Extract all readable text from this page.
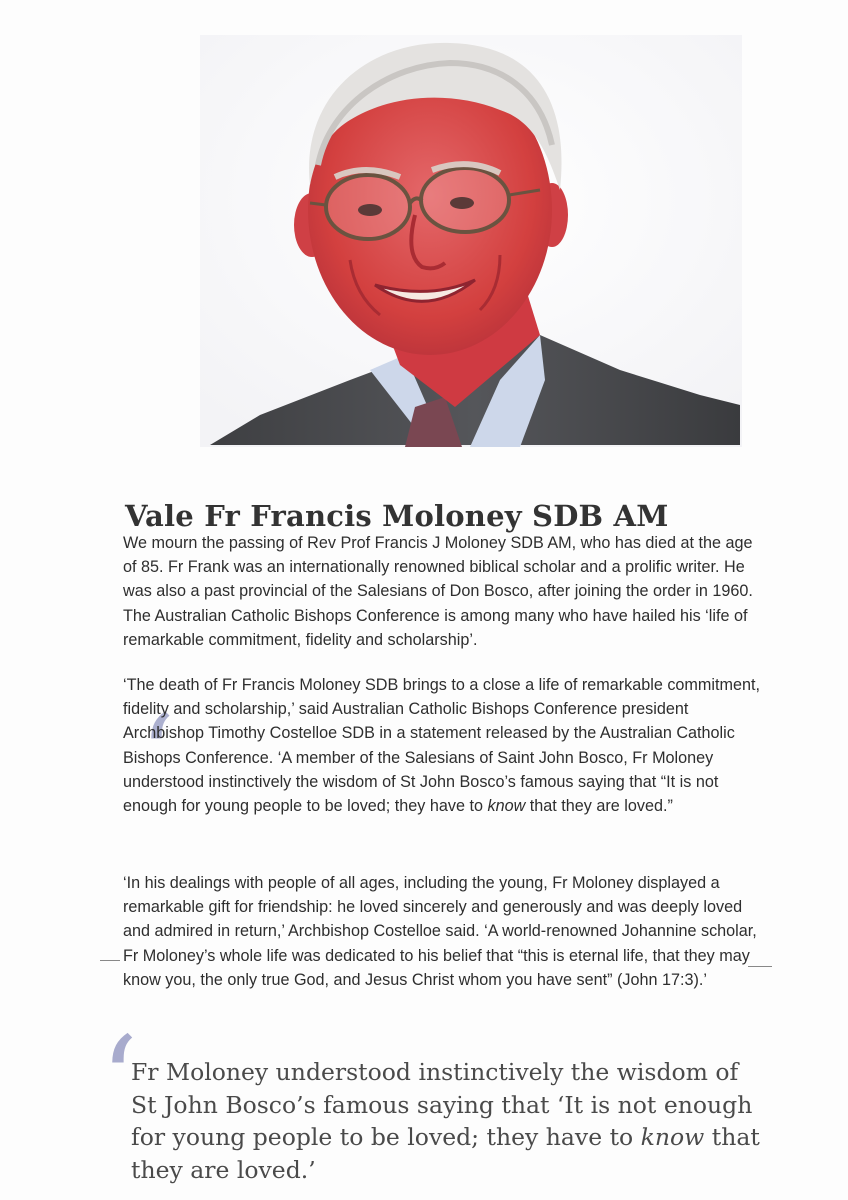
Vale Fr Francis Moloney SDB AM

We mourn the passing of Rev Prof Francis J Moloney SDB AM, who has died at the age of 85. Fr Frank was an internationally renowned biblical scholar and a prolific writer. He was also a past provincial of the Salesians of Don Bosco, after joining the order in 1960. The Australian Catholic Bishops Conference is among many who have hailed his ‘life of remarkable commitment, fidelity and scholarship’.

‘

‘The death of Fr Francis Moloney SDB brings to a close a life of remarkable commitment, fidelity and scholarship,’ said Australian Catholic Bishops Conference president Archbishop Timothy Costelloe SDB in a statement released by the Australian Catholic Bishops Conference. ‘A member of the Salesians of Saint John Bosco, Fr Moloney understood instinctively the wisdom of St John Bosco’s famous saying that “It is not enough for young people to be loved; they have to know that they are loved.”

‘In his dealings with people of all ages, including the young, Fr Moloney displayed a remarkable gift for friendship: he loved sincerely and generously and was deeply loved and admired in return,’ Archbishop Costelloe said. ‘A world-renowned Johannine scholar, Fr Moloney’s whole life was dedicated to his belief that “this is eternal life, that they may know you, the only true God, and Jesus Christ whom you have sent” (John 17:3).’

‘

Fr Moloney understood instinctively the wisdom of St John Bosco’s famous saying that ‘It is not enough for young people to be loved; they have to know that they are loved.’
